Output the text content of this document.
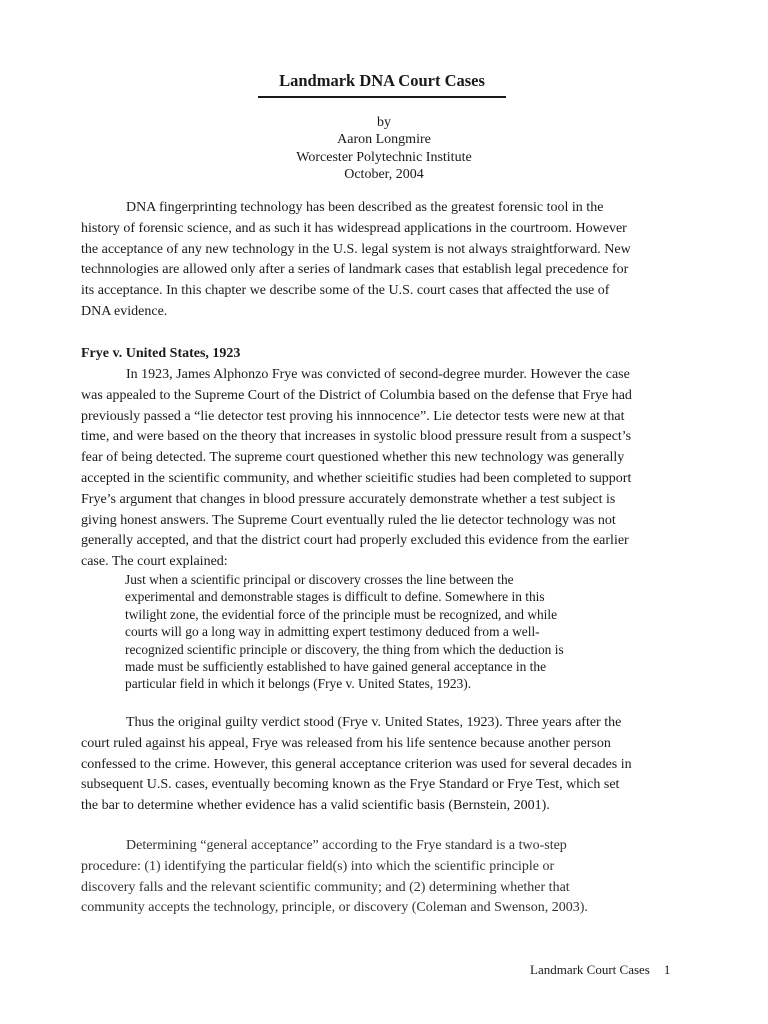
Landmark DNA Court Cases
by
Aaron Longmire
Worcester Polytechnic Institute
October, 2004
DNA fingerprinting technology has been described as the greatest forensic tool in the
history of forensic science, and as such it has widespread applications in the courtroom. However
the acceptance of any new technology in the U.S. legal system is not always straightforward. New
technnologies are allowed only after a series of landmark cases that establish legal precedence for
its acceptance. In this chapter we describe some of the U.S. court cases that affected the use of
DNA evidence.
Frye v. United States, 1923
In 1923, James Alphonzo Frye was convicted of second-degree murder. However the case
was appealed to the Supreme Court of the District of Columbia based on the defense that Frye had
previously passed a “lie detector test proving his innnocence”. Lie detector tests were new at that
time, and were based on the theory that increases in systolic blood pressure result from a suspect’s
fear of being detected. The supreme court questioned whether this new technology was generally
accepted in the scientific community, and whether scieitific studies had been completed to support
Frye’s argument that changes in blood pressure accurately demonstrate whether a test subject is
giving honest answers. The Supreme Court eventually ruled the lie detector technology was not
generally accepted, and that the district court had properly excluded this evidence from the earlier
case. The court explained:
Just when a scientific principal or discovery crosses the line between the
experimental and demonstrable stages is difficult to define. Somewhere in this
twilight zone, the evidential force of the principle must be recognized, and while
courts will go a long way in admitting expert testimony deduced from a well-
recognized scientific principle or discovery, the thing from which the deduction is
made must be sufficiently established to have gained general acceptance in the
particular field in which it belongs (Frye v. United States, 1923).
Thus the original guilty verdict stood (Frye v. United States, 1923). Three years after the
court ruled against his appeal, Frye was released from his life sentence because another person
confessed to the crime. However, this general acceptance criterion was used for several decades in
subsequent U.S. cases, eventually becoming known as the Frye Standard or Frye Test, which set
the bar to determine whether evidence has a valid scientific basis (Bernstein, 2001).
Determining “general acceptance” according to the Frye standard is a two-step
procedure: (1) identifying the particular field(s) into which the scientific principle or
discovery falls and the relevant scientific community; and (2) determining whether that
community accepts the technology, principle, or discovery (Coleman and Swenson, 2003).
Landmark Court Cases 1
